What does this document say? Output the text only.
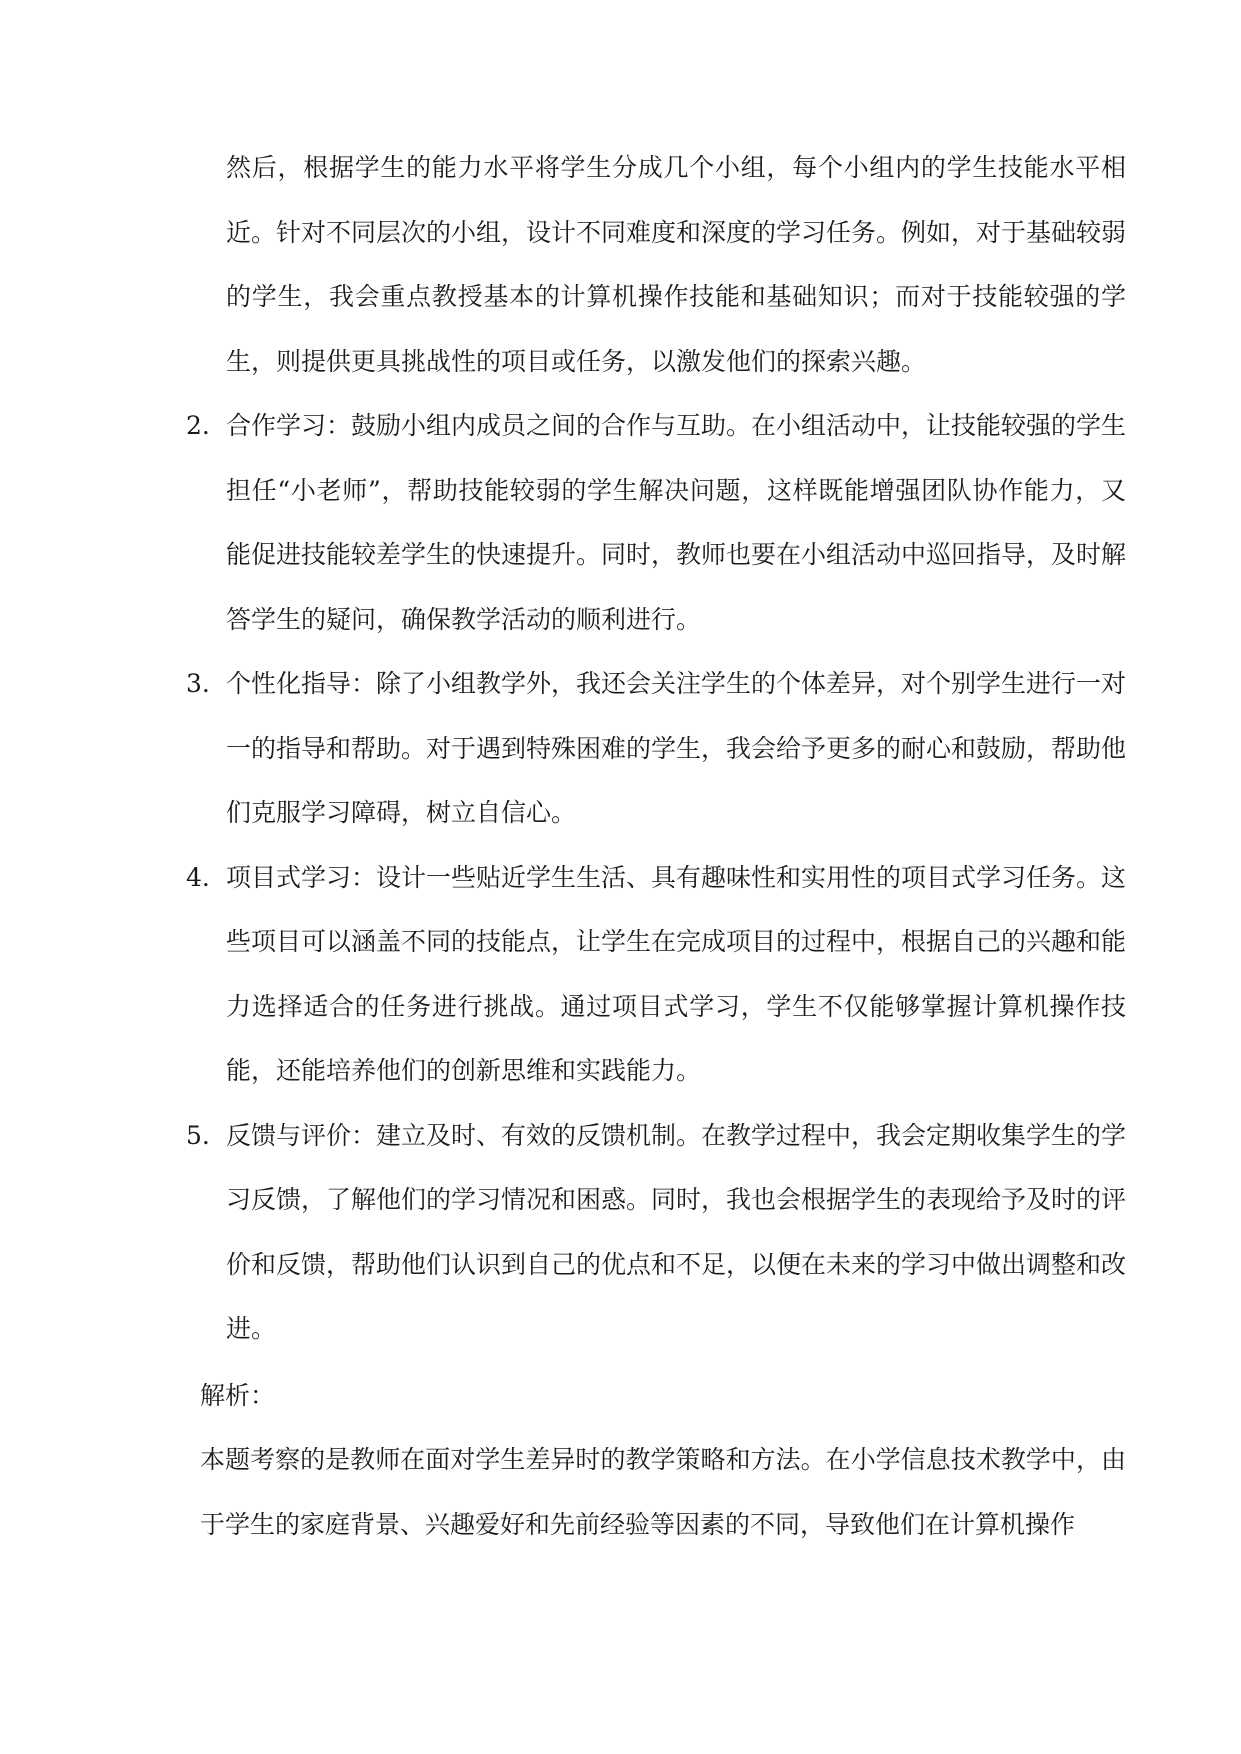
然后，根据学生的能力水平将学生分成几个小组，每个小组内的学生技能水平相近。针对不同层次的小组，设计不同难度和深度的学习任务。例如，对于基础较弱的学生，我会重点教授基本的计算机操作技能和基础知识；而对于技能较强的学生，则提供更具挑战性的项目或任务，以激发他们的探索兴趣。

2. 合作学习：鼓励小组内成员之间的合作与互助。在小组活动中，让技能较强的学生担任“小老师”，帮助技能较弱的学生解决问题，这样既能增强团队协作能力，又能促进技能较差学生的快速提升。同时，教师也要在小组活动中巡回指导，及时解答学生的疑问，确保教学活动的顺利进行。
3. 个性化指导：除了小组教学外，我还会关注学生的个体差异，对个别学生进行一对一的指导和帮助。对于遇到特殊困难的学生，我会给予更多的耐心和鼓励，帮助他们克服学习障碍，树立自信心。
4. 项目式学习：设计一些贴近学生生活、具有趣味性和实用性的项目式学习任务。这些项目可以涵盖不同的技能点，让学生在完成项目的过程中，根据自己的兴趣和能力选择适合的任务进行挑战。通过项目式学习，学生不仅能够掌握计算机操作技能，还能培养他们的创新思维和实践能力。
5. 反馈与评价：建立及时、有效的反馈机制。在教学过程中，我会定期收集学生的学习反馈，了解他们的学习情况和困惑。同时，我也会根据学生的表现给予及时的评价和反馈，帮助他们认识到自己的优点和不足，以便在未来的学习中做出调整和改进。

解析：

本题考察的是教师在面对学生差异时的教学策略和方法。在小学信息技术教学中，由于学生的家庭背景、兴趣爱好和先前经验等因素的不同，导致他们在计算机操作
